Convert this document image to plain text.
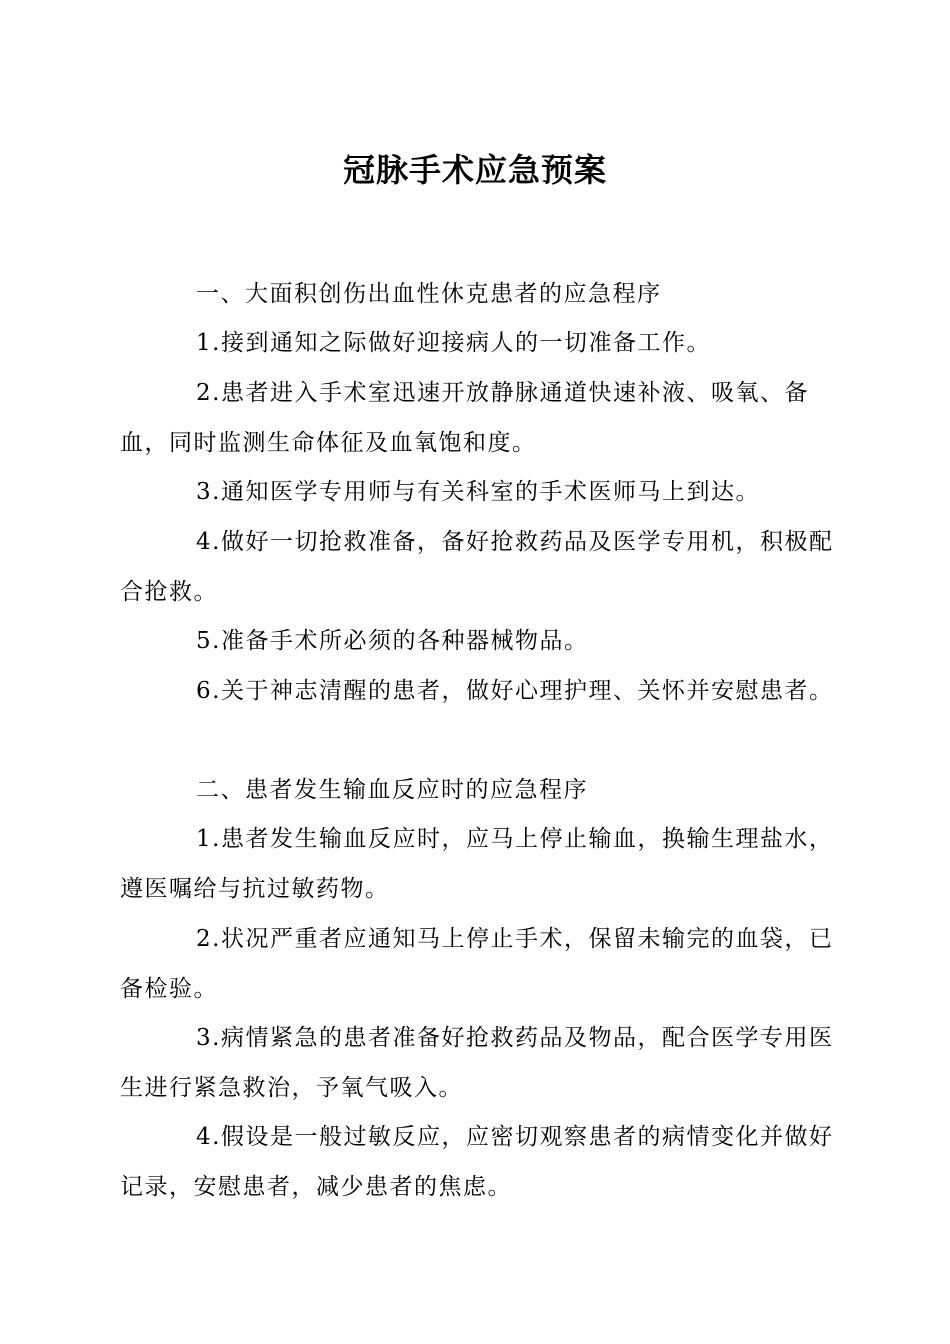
冠脉手术应急预案
一、大面积创伤出血性休克患者的应急程序
1.接到通知之际做好迎接病人的一切准备工作。
2.患者进入手术室迅速开放静脉通道快速补液、吸氧、备血，同时监测生命体征及血氧饱和度。
3.通知医学专用师与有关科室的手术医师马上到达。
4.做好一切抢救准备，备好抢救药品及医学专用机，积极配合抢救。
5.准备手术所必须的各种器械物品。
6.关于神志清醒的患者，做好心理护理、关怀并安慰患者。
二、患者发生输血反应时的应急程序
1.患者发生输血反应时，应马上停止输血，换输生理盐水，遵医嘱给与抗过敏药物。
2.状况严重者应通知马上停止手术，保留未输完的血袋，已备检验。
3.病情紧急的患者准备好抢救药品及物品，配合医学专用医生进行紧急救治，予氧气吸入。
4.假设是一般过敏反应，应密切观察患者的病情变化并做好记录，安慰患者，减少患者的焦虑。
